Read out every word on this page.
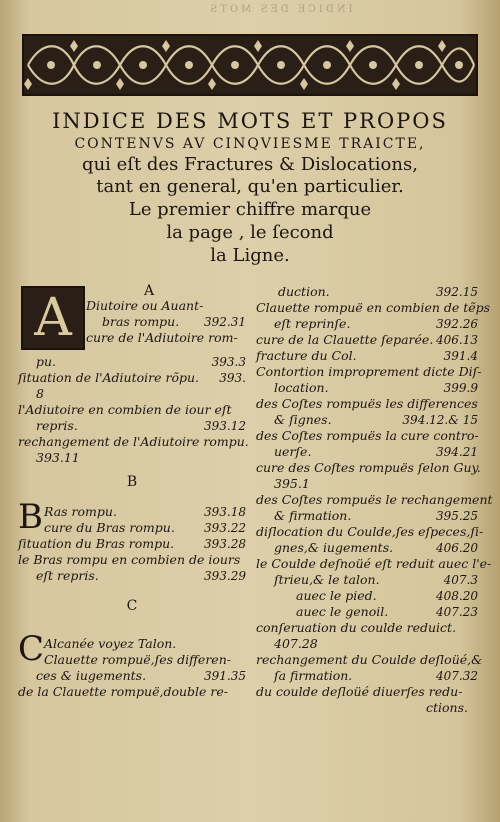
INDICE DES MOTS
INDICE DES MOTS ET PROPOS
CONTENVS AV CINQVIESME TRAICTE,
qui eſt des Fractures & Dislocations,
tant en general, qu'en particulier.
Le premier chiffre marque
la page , le ſecond
la Ligne.
A	A
Diutoire ou Auant-
bras rompu. 392.31
cure de l'Adiutoire rom-
pu.	393.3
ſituation de l'Adiutoire rõpu. 393.
8
l'Adiutoire en combien de iour eſt
repris.	393.12
rechangement de l'Adiutoire rompu.
393.11
B
B Ras rompu.	393.18
cure du Bras rompu. 393.22
ſituation du Bras rompu. 393.28
le Bras rompu en combien de iours
eſt repris.	393.29
C
C Alcanée voyez Talon.
Clauette rompuë,ſes differen-
ces & iugements.	391.35
de la Clauette rompuë,double re-
duction.	392.15
Clauette rompuë en combien de tẽps
eſt reprinſe.	392.26
cure de la Clauette ſeparée. 406.13
fracture du Col.	391.4
Contortion improprement dicte Diſ-
location.	399.9
des Coſtes rompuës les differences
& ſignes.	394.12.& 15
des Coſtes rompuës la cure contro-
uerſe.	394.21
cure des Coſtes rompuës ſelon Guy.
395.1
des Coſtes rompuës le rechangement
& firmation.	395.25
diſlocation du Coulde,ſes eſpeces,ſi-
gnes,& iugements.	406.20
le Coulde deſnoüé eſt reduit auec l'e-
ſtrieu,& le talon.	407.3
auec le pied.	408.20
auec le genoil.	407.23
conſeruation du coulde reduict.
407.28
rechangement du Coulde deſloüé,&
ſa firmation.	407.32
du coulde deſloüé diuerſes redu-
ctions.
